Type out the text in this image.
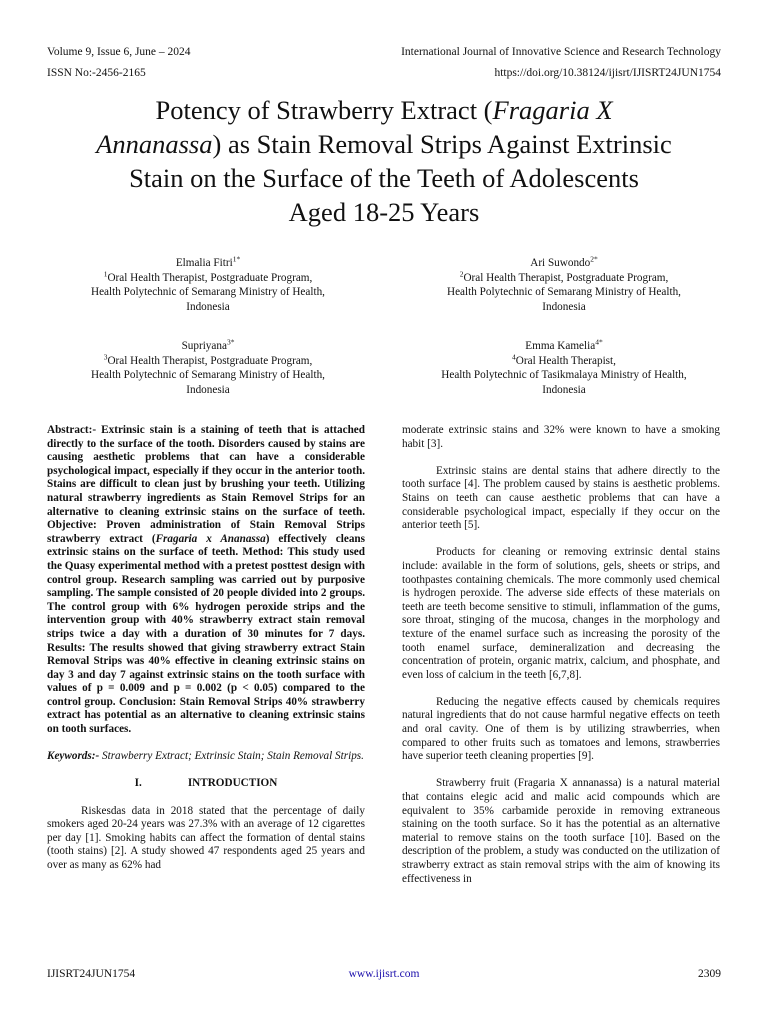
Volume 9, Issue 6, June – 2024
ISSN No:-2456-2165
International Journal of Innovative Science and Research Technology
https://doi.org/10.38124/ijisrt/IJISRT24JUN1754
Potency of Strawberry Extract (Fragaria X
Annanassa) as Stain Removal Strips Against Extrinsic
Stain on the Surface of the Teeth of Adolescents
Aged 18-25 Years
Elmalia Fitri$^{1*}$
$^1$Oral Health Therapist, Postgraduate Program,
Health Polytechnic of Semarang Ministry of Health,
Indonesia
Ari Suwondo$^{2*}$
$^2$Oral Health Therapist, Postgraduate Program,
Health Polytechnic of Semarang Ministry of Health,
Indonesia
Supriyana$^{3*}$
$^3$Oral Health Therapist, Postgraduate Program,
Health Polytechnic of Semarang Ministry of Health,
Indonesia
Emma Kamelia$^{4*}$
$^4$Oral Health Therapist,
Health Polytechnic of Tasikmalaya Ministry of Health,
Indonesia

Abstract:- Extrinsic stain is a staining of teeth that is attached directly to the surface of the tooth. Disorders caused by stains are causing aesthetic problems that can have a considerable psychological impact, especially if they occur in the anterior tooth. Stains are difficult to clean just by brushing your teeth. Utilizing natural strawberry ingredients as Stain Removel Strips for an alternative to cleaning extrinsic stains on the surface of teeth. Objective: Proven administration of Stain Removal Strips strawberry extract (Fragaria x Ananassa) effectively cleans extrinsic stains on the surface of teeth. Method: This study used the Quasy experimental method with a pretest posttest design with control group. Research sampling was carried out by purposive sampling. The sample consisted of 20 people divided into 2 groups. The control group with 6% hydrogen peroxide strips and the intervention group with 40% strawberry extract stain removal strips twice a day with a duration of 30 minutes for 7 days. Results: The results showed that giving strawberry extract Stain Removal Strips was 40% effective in cleaning extrinsic stains on day 3 and day 7 against extrinsic stains on the tooth surface with values of p = 0.009 and p = 0.002 (p < 0.05) compared to the control group. Conclusion: Stain Removal Strips 40% strawberry extract has potential as an alternative to cleaning extrinsic stains on tooth surfaces.

Keywords:- Strawberry Extract; Extrinsic Stain; Stain Removal Strips.

I.	INTRODUCTION

Riskesdas data in 2018 stated that the percentage of daily smokers aged 20-24 years was 27.3% with an average of 12 cigarettes per day [1]. Smoking habits can affect the formation of dental stains (tooth stains) [2]. A study showed 47 respondents aged 25 years and over as many as 62% had

moderate extrinsic stains and 32% were known to have a smoking habit [3].

Extrinsic stains are dental stains that adhere directly to the tooth surface [4]. The problem caused by stains is aesthetic problems. Stains on teeth can cause aesthetic problems that can have a considerable psychological impact, especially if they occur on the anterior teeth [5].

Products for cleaning or removing extrinsic dental stains include: available in the form of solutions, gels, sheets or strips, and toothpastes containing chemicals. The more commonly used chemical is hydrogen peroxide. The adverse side effects of these materials on teeth are teeth become sensitive to stimuli, inflammation of the gums, sore throat, stinging of the mucosa, changes in the morphology and texture of the enamel surface such as increasing the porosity of the tooth enamel surface, demineralization and decreasing the concentration of protein, organic matrix, calcium, and phosphate, and even loss of calcium in the teeth [6,7,8].

Reducing the negative effects caused by chemicals requires natural ingredients that do not cause harmful negative effects on teeth and oral cavity. One of them is by utilizing strawberries, when compared to other fruits such as tomatoes and lemons, strawberries have superior teeth cleaning properties [9].

Strawberry fruit (Fragaria X annanassa) is a natural material that contains elegic acid and malic acid compounds which are equivalent to 35% carbamide peroxide in removing extraneous staining on the tooth surface. So it has the potential as an alternative material to remove stains on the tooth surface [10]. Based on the description of the problem, a study was conducted on the utilization of strawberry extract as stain removal strips with the aim of knowing its effectiveness in

IJISRT24JUN1754	www.ijisrt.com	2309
